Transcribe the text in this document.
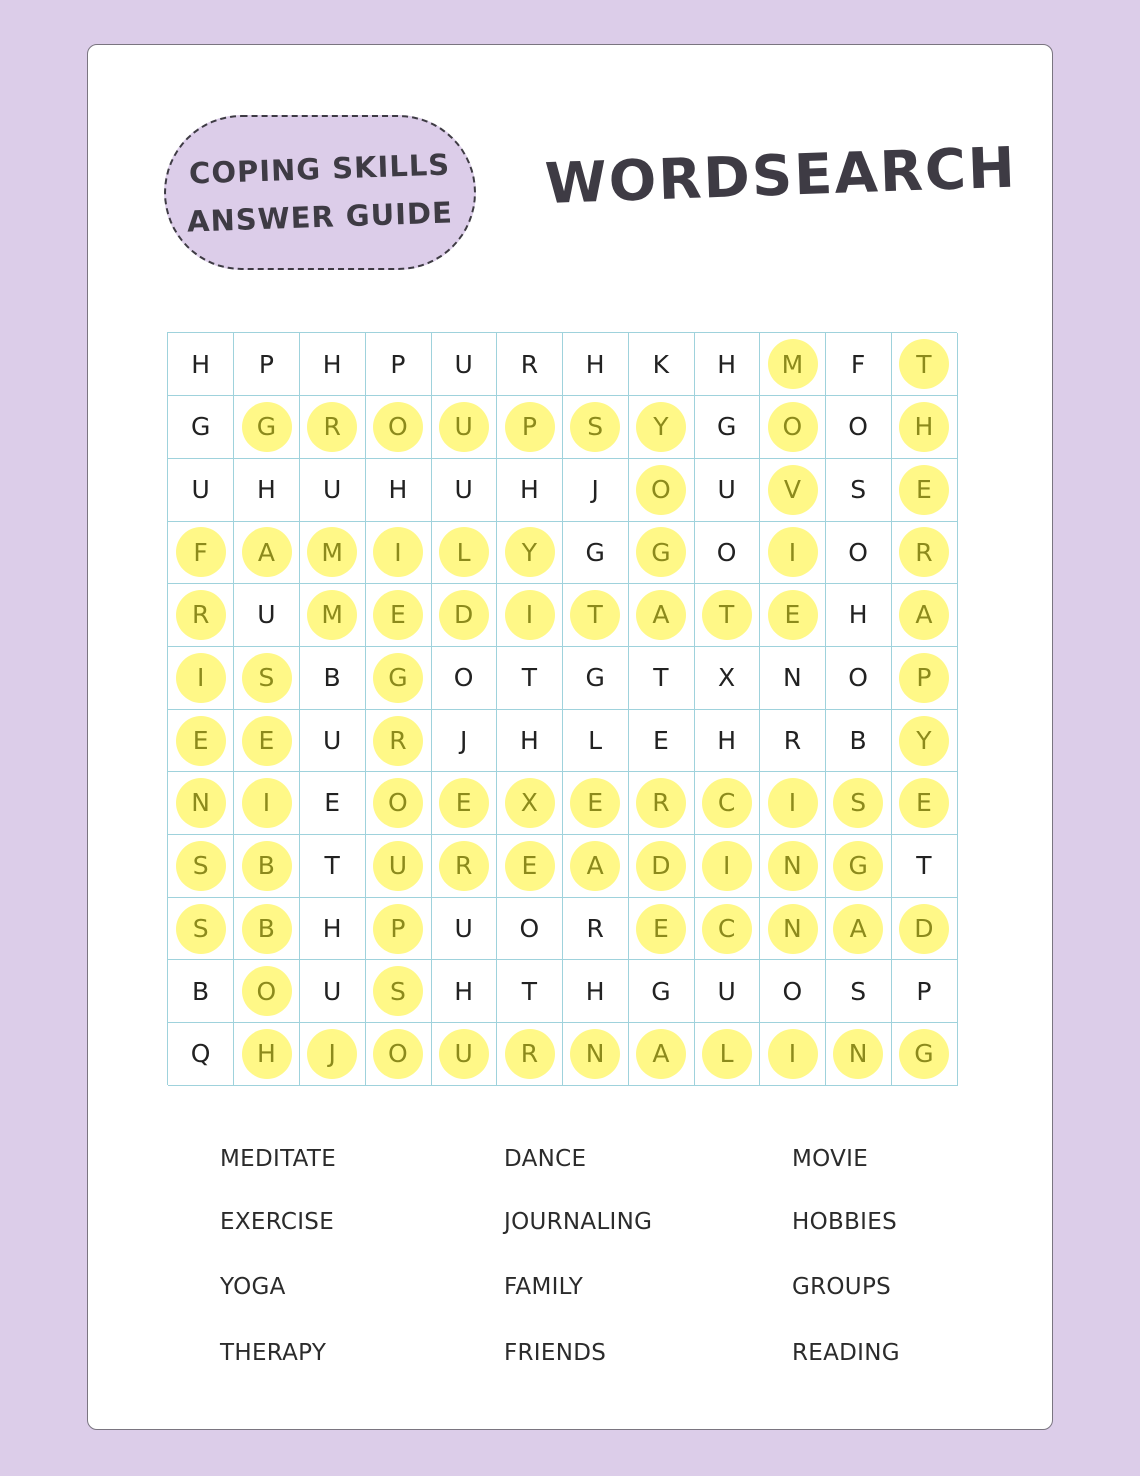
COPING SKILLS
ANSWER GUIDE WORDSEARCH
H	P	H	P	U	R	H	K	H	M	F	T
G	G	R	O	U	P	S	Y	G	O	O	H
U	H	U	H	U	H	J	O	U	V	S	E
F	A	M	I	L	Y	G	G	O	I	O	R
R	U	M	E	D	I	T	A	T	E	H	A
I	S	B	G	O	T	G	T	X	N	O	P
E	E	U	R	J	H	L	E	H	R	B	Y
N	I	E	O	E	X	E	R	C	I	S	E
S	B	T	U	R	E	A	D	I	N	G	T
S	B	H	P	U	O	R	E	C	N	A	D
B	O	U	S	H	T	H	G	U	O	S	P
Q	H	J	O	U	R	N	A	L	I	N	G
MEDITATE
EXERCISE
YOGA
THERAPY
DANCE
JOURNALING
FAMILY
FRIENDS
MOVIE
HOBBIES
GROUPS
READING
